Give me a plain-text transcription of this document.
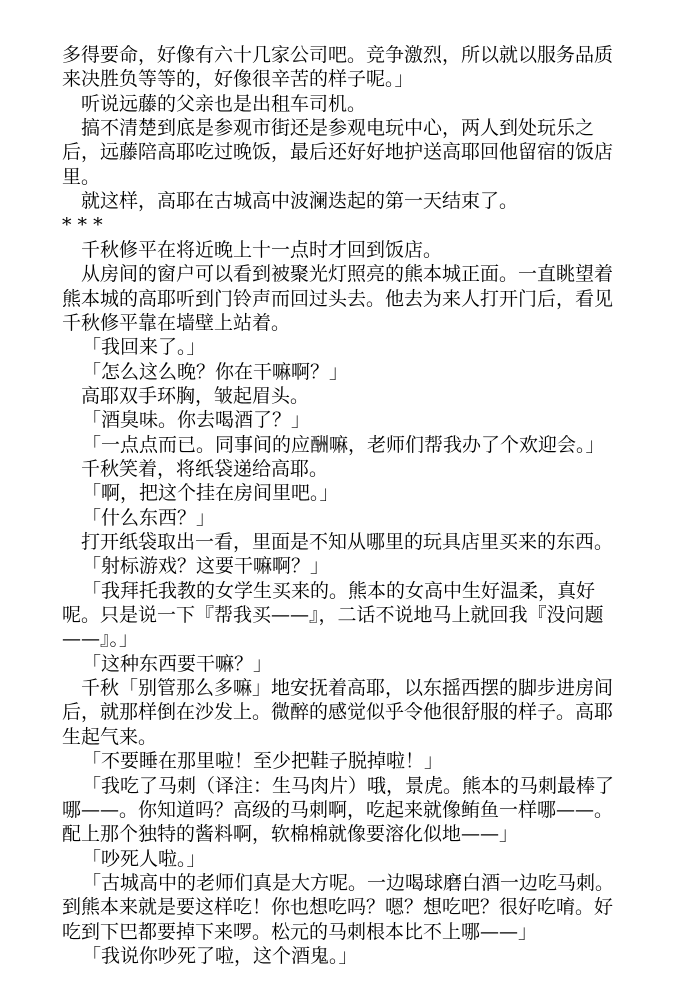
多得要命，好像有六十几家公司吧。竞争激烈，所以就以服务品质
来决胜负等等的，好像很辛苦的样子呢。」
听说远藤的父亲也是出租车司机。
搞不清楚到底是参观市街还是参观电玩中心，两人到处玩乐之
后，远藤陪高耶吃过晚饭，最后还好好地护送高耶回他留宿的饭店
里。
就这样，高耶在古城高中波澜迭起的第一天结束了。
* * *
千秋修平在将近晚上十一点时才回到饭店。
从房间的窗户可以看到被聚光灯照亮的熊本城正面。一直眺望着
熊本城的高耶听到门铃声而回过头去。他去为来人打开门后，看见
千秋修平靠在墙壁上站着。
「我回来了。」
「怎么这么晚？你在干嘛啊？」
高耶双手环胸，皱起眉头。
「酒臭味。你去喝酒了？」
「一点点而已。同事间的应酬嘛，老师们帮我办了个欢迎会。」
千秋笑着，将纸袋递给高耶。
「啊，把这个挂在房间里吧。」
「什么东西？」
打开纸袋取出一看，里面是不知从哪里的玩具店里买来的东西。
「射标游戏？这要干嘛啊？」
「我拜托我教的女学生买来的。熊本的女高中生好温柔，真好
呢。只是说一下『帮我买——』，二话不说地马上就回我『没问题
——』。」
「这种东西要干嘛？」
千秋「别管那么多嘛」地安抚着高耶，以东摇西摆的脚步进房间
后，就那样倒在沙发上。微醉的感觉似乎令他很舒服的样子。高耶
生起气来。
「不要睡在那里啦！至少把鞋子脱掉啦！」
「我吃了马刺（译注：生马肉片）哦，景虎。熊本的马刺最棒了
哪——。你知道吗？高级的马刺啊，吃起来就像鲔鱼一样哪——。
配上那个独特的酱料啊，软棉棉就像要溶化似地——」
「吵死人啦。」
「古城高中的老师们真是大方呢。一边喝球磨白酒一边吃马刺。
到熊本来就是要这样吃！你也想吃吗？嗯？想吃吧？很好吃唷。好
吃到下巴都要掉下来啰。松元的马刺根本比不上哪——」
「我说你吵死了啦，这个酒鬼。」
